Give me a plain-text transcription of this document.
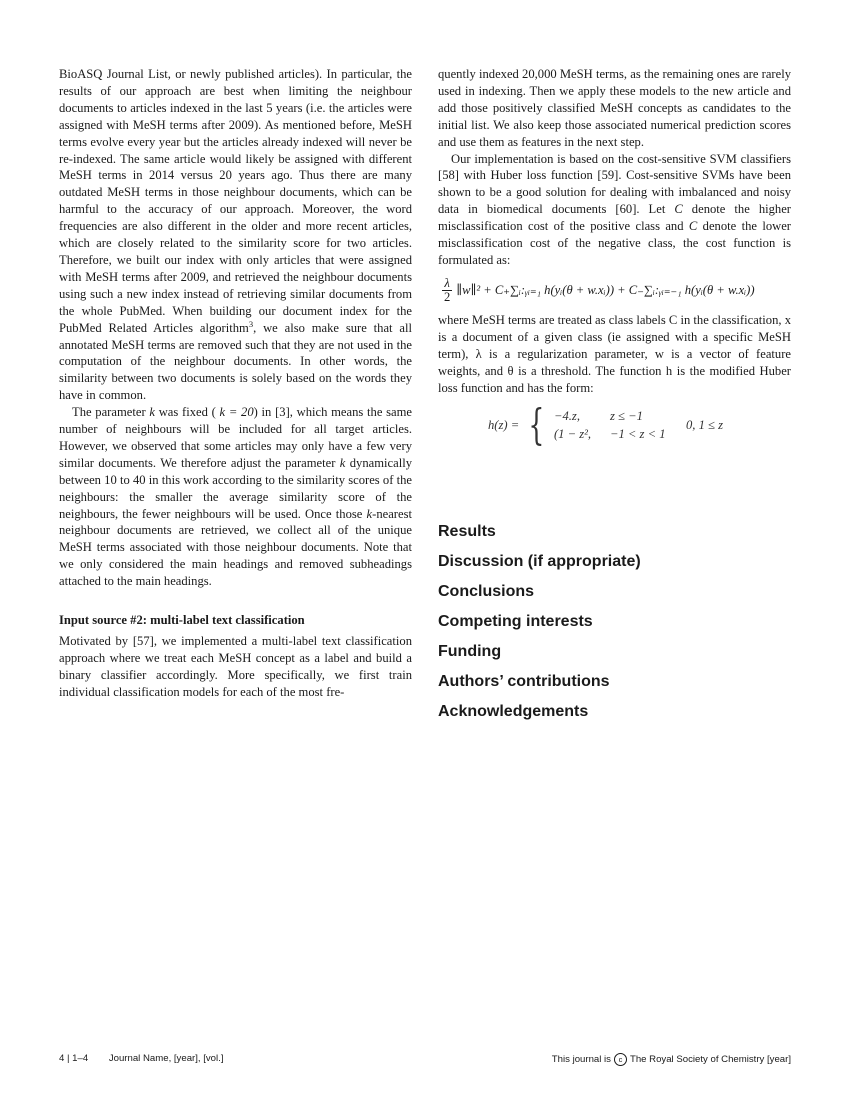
BioASQ Journal List, or newly published articles). In particular, the results of our approach are best when limiting the neighbour documents to articles indexed in the last 5 years (i.e. the articles were assigned with MeSH terms after 2009). As mentioned before, MeSH terms evolve every year but the articles already indexed will never be re-indexed. The same article would likely be assigned with different MeSH terms in 2014 versus 20 years ago. Thus there are many outdated MeSH terms in those neighbour documents, which can be harmful to the accuracy of our approach. Moreover, the word frequencies are also different in the older and more recent articles, which are closely related to the similarity score for two articles. Therefore, we built our index with only articles that were assigned with MeSH terms after 2009, and retrieved the neighbour documents using such a new index instead of retrieving similar documents from the whole PubMed. When building our document index for the PubMed Related Articles algorithm$^3$, we also make sure that all annotated MeSH terms are removed such that they are not used in the computation of the neighbour documents. In other words, the similarity between two documents is solely based on the words they have in common.

The parameter k was fixed ( k = 20) in [3], which means the same number of neighbours will be included for all target articles. However, we observed that some articles may only have a few very similar documents. We therefore adjust the parameter k dynamically between 10 to 40 in this work according to the similarity scores of the neighbours: the smaller the average similarity score of the neighbours, the fewer neighbours will be used. Once those k-nearest neighbour documents are retrieved, we collect all of the unique MeSH terms associated with those neighbour documents. Note that we only considered the main headings and removed subheadings attached to the main headings.

Input source #2: multi-label text classification

Motivated by [57], we implemented a multi-label text classification approach where we treat each MeSH concept as a label and build a binary classifier accordingly. More specifically, we first train individual classification models for each of the most fre-

quently indexed 20,000 MeSH terms, as the remaining ones are rarely used in indexing. Then we apply these models to the new article and add those positively classified MeSH concepts as candidates to the initial list. We also keep those associated numerical prediction scores and use them as features in the next step.

Our implementation is based on the cost-sensitive SVM classifiers [58] with Huber loss function [59]. Cost-sensitive SVMs have been shown to be a good solution for dealing with imbalanced and noisy data in biomedical documents [60]. Let C denote the higher misclassification cost of the positive class and C denote the lower misclassification cost of the negative class, the cost function is formulated as:

$\frac{\lambda}{2}$ ∥w∥² + C₊∑ᵢ:ᵧᵢ₌₁ h(yᵢ(θ + w.xᵢ)) + C₋∑ᵢ:ᵧᵢ₌₋₁ h(yᵢ(θ + w.xᵢ))

where MeSH terms are treated as class labels C in the classification, x is a document of a given class (ie assigned with a specific MeSH term), λ is a regularization parameter, w is a vector of feature weights, and θ is a threshold. The function h is the modified Huber loss function and has the form:

h(z) = { −4.z,	z ≤ −1
(1 − z²,	−1 < z < 1
0, 1 ≤ z
Results
Discussion (if appropriate)
Conclusions
Competing interests
Funding
Authors’ contributions
Acknowledgements
4 | 1–4 Journal Name, [year], [vol.]	This journal is c The Royal Society of Chemistry [year]
